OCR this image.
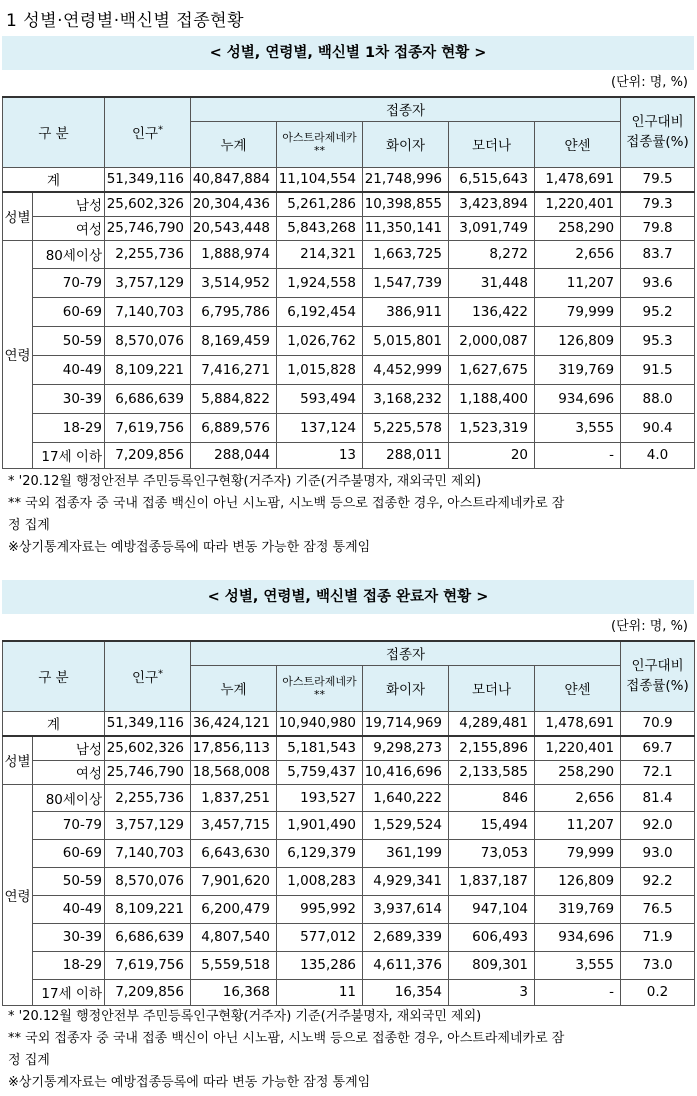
1 성별·연령별·백신별 접종현황
< 성별, 연령별, 백신별 1차 접종자 현황 >
(단위: 명, %)
구 분		인구*	접종자					인구대비
접종률(%)

			누계	아스트라제네카
**	화이자	모더나	얀센	
계		51,349,116	40,847,884	11,104,554	21,748,996	6,515,643	1,478,691	79.5
성별	남성	25,602,326	20,304,436	5,261,286	10,398,855	3,423,894	1,220,401	79.3
	여성	25,746,790	20,543,448	5,843,268	11,350,141	3,091,749	258,290	79.8
연령	80세이상	2,255,736	1,888,974	214,321	1,663,725	8,272	2,656	83.7
	70-79	3,757,129	3,514,952	1,924,558	1,547,739	31,448	11,207	93.6
	60-69	7,140,703	6,795,786	6,192,454	386,911	136,422	79,999	95.2
	50-59	8,570,076	8,169,459	1,026,762	5,015,801	2,000,087	126,809	95.3
	40-49	8,109,221	7,416,271	1,015,828	4,452,999	1,627,675	319,769	91.5
	30-39	6,686,639	5,884,822	593,494	3,168,232	1,188,400	934,696	88.0
	18-29	7,619,756	6,889,576	137,124	5,225,578	1,523,319	3,555	90.4
	17세 이하	7,209,856	288,044	13	288,011	20	-	4.0
* '20.12월 행정안전부 주민등록인구현황(거주자) 기준(거주불명자, 재외국민 제외)
** 국외 접종자 중 국내 접종 백신이 아닌 시노팜, 시노백 등으로 접종한 경우, 아스트라제네카로 잠
정 집계
※상기통계자료는 예방접종등록에 따라 변동 가능한 잠정 통계임
< 성별, 연령별, 백신별 접종 완료자 현황 >
(단위: 명, %)
구 분		인구*	접종자					인구대비
접종률(%)

			누계	아스트라제네카
**	화이자	모더나	얀센	
계		51,349,116	36,424,121	10,940,980	19,714,969	4,289,481	1,478,691	70.9
성별	남성	25,602,326	17,856,113	5,181,543	9,298,273	2,155,896	1,220,401	69.7
	여성	25,746,790	18,568,008	5,759,437	10,416,696	2,133,585	258,290	72.1
연령	80세이상	2,255,736	1,837,251	193,527	1,640,222	846	2,656	81.4
	70-79	3,757,129	3,457,715	1,901,490	1,529,524	15,494	11,207	92.0
	60-69	7,140,703	6,643,630	6,129,379	361,199	73,053	79,999	93.0
	50-59	8,570,076	7,901,620	1,008,283	4,929,341	1,837,187	126,809	92.2
	40-49	8,109,221	6,200,479	995,992	3,937,614	947,104	319,769	76.5
	30-39	6,686,639	4,807,540	577,012	2,689,339	606,493	934,696	71.9
	18-29	7,619,756	5,559,518	135,286	4,611,376	809,301	3,555	73.0
	17세 이하	7,209,856	16,368	11	16,354	3	-	0.2
* '20.12월 행정안전부 주민등록인구현황(거주자) 기준(거주불명자, 재외국민 제외)
** 국외 접종자 중 국내 접종 백신이 아닌 시노팜, 시노백 등으로 접종한 경우, 아스트라제네카로 잠
정 집계
※상기통계자료는 예방접종등록에 따라 변동 가능한 잠정 통계임
